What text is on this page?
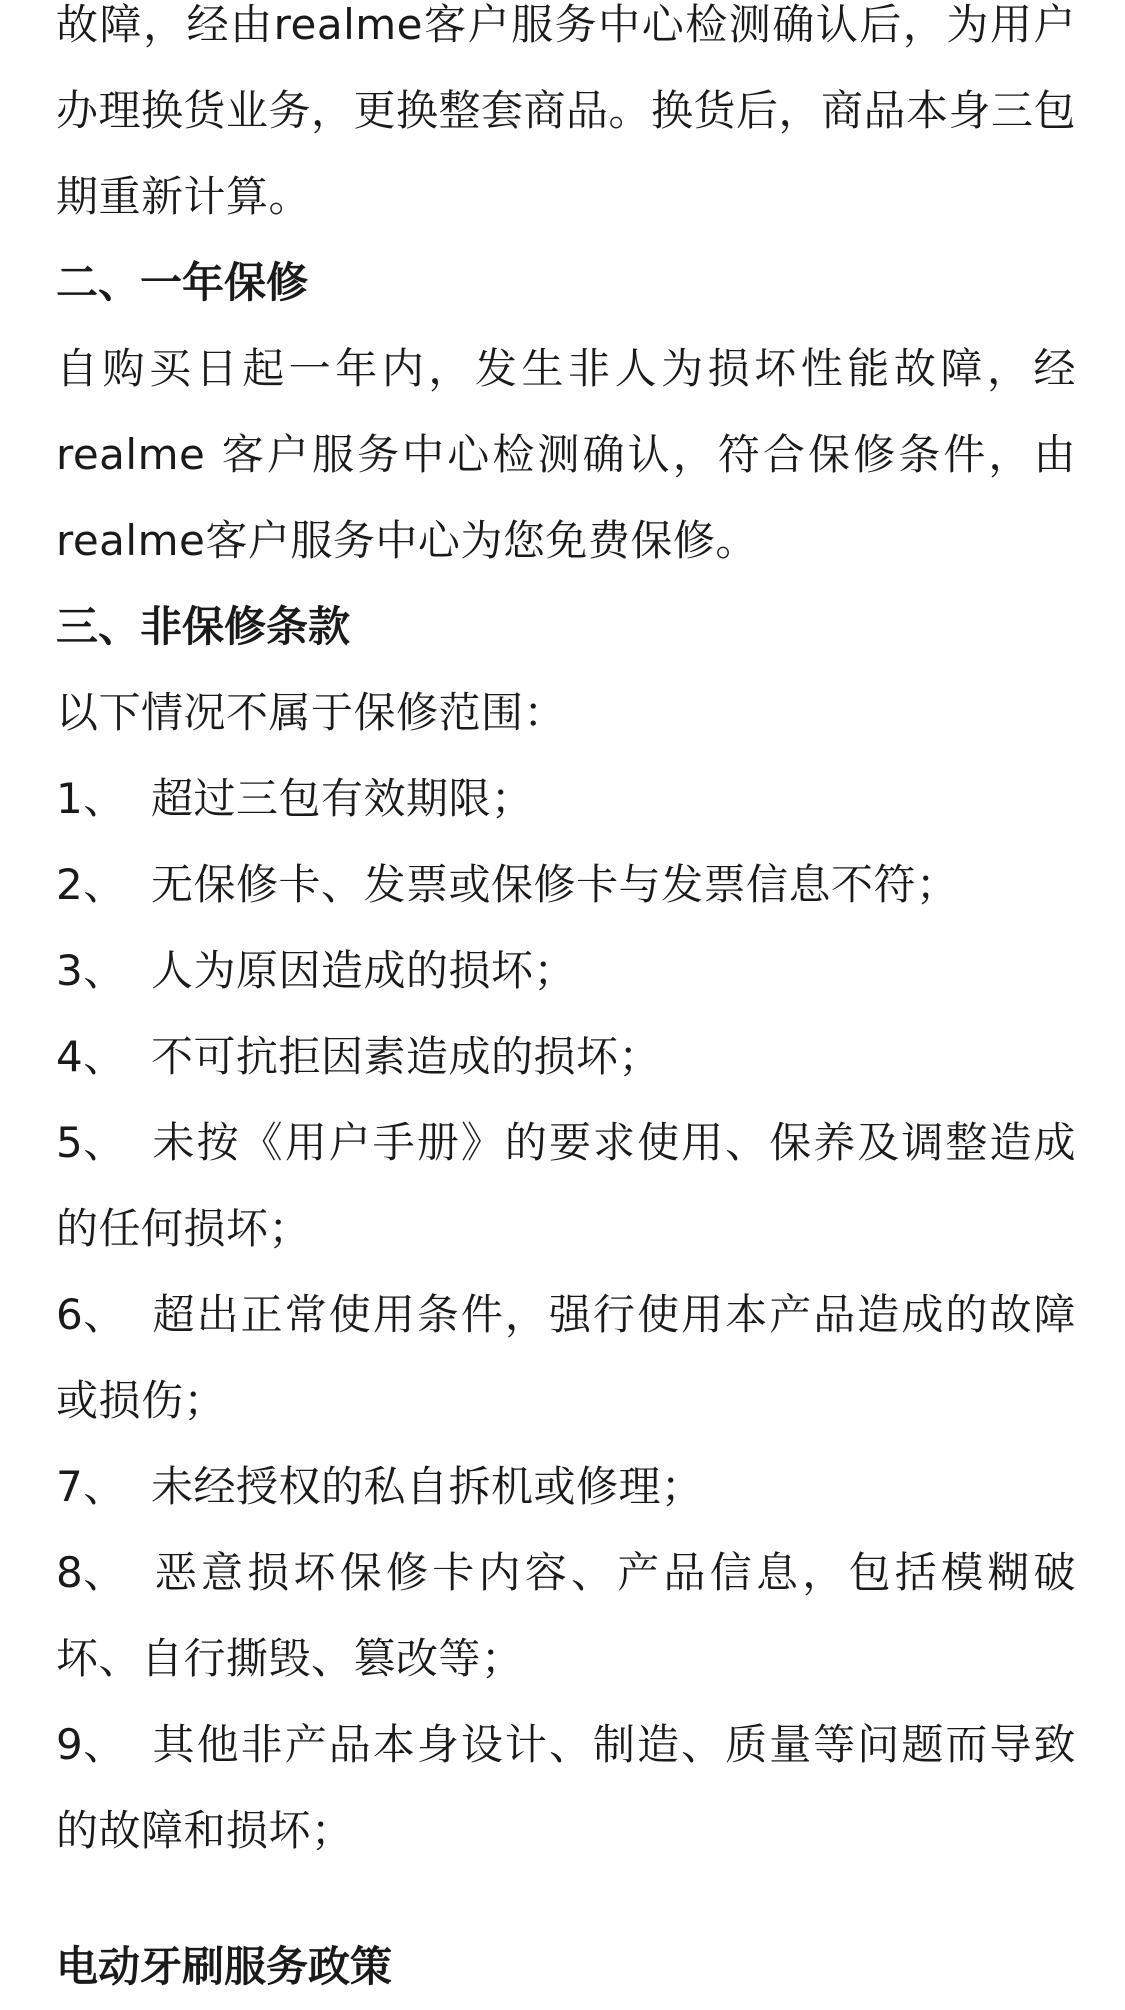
故障，经由realme客户服务中心检测确认后，为用户办理换货业务，更换整套商品。换货后，商品本身三包期重新计算。

二、一年保修

自购买日起一年内，发生非人为损坏性能故障，经realme 客户服务中心检测确认，符合保修条件，由realme客户服务中心为您免费保修。

三、非保修条款

以下情况不属于保修范围：

1、 超过三包有效期限；

2、 无保修卡、发票或保修卡与发票信息不符；

3、 人为原因造成的损坏；

4、 不可抗拒因素造成的损坏；

5、 未按《用户手册》的要求使用、保养及调整造成的任何损坏；

6、 超出正常使用条件，强行使用本产品造成的故障或损伤；

7、 未经授权的私自拆机或修理；

8、 恶意损坏保修卡内容、产品信息，包括模糊破坏、自行撕毁、篡改等；

9、 其他非产品本身设计、制造、质量等问题而导致的故障和损坏；

电动牙刷服务政策
